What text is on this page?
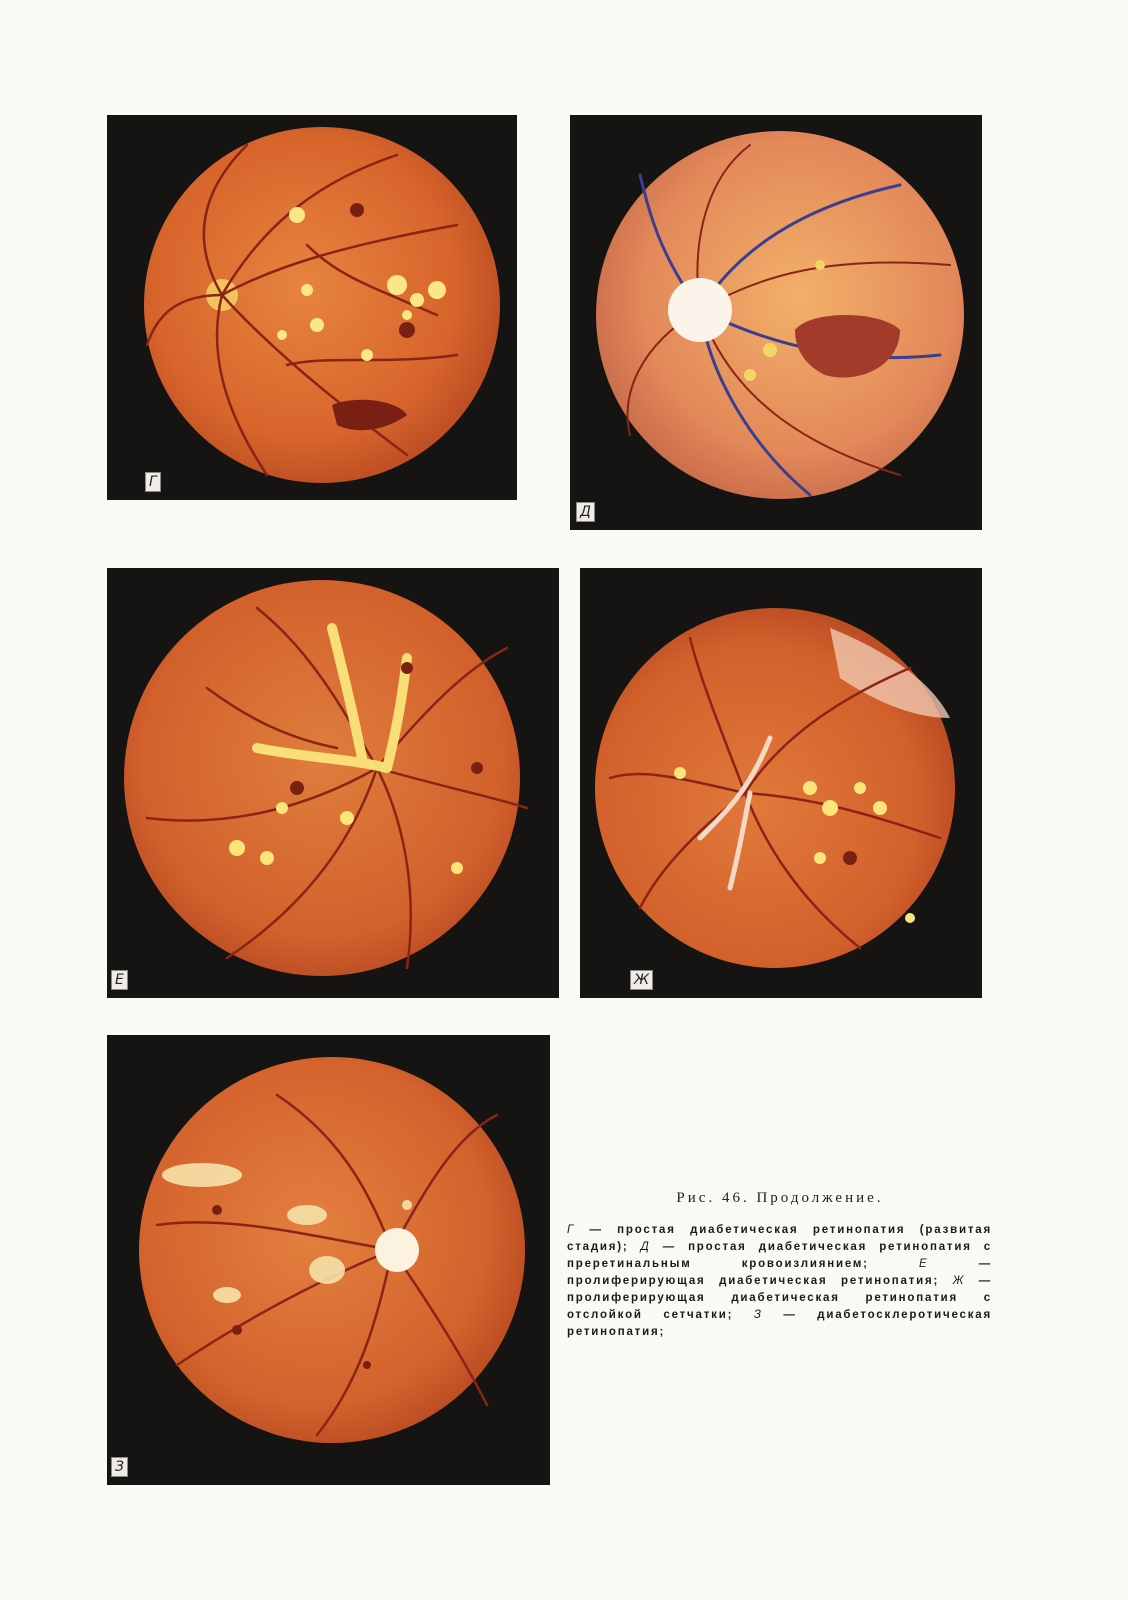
Г
Д
Е	Ж
З
Рис. 46. Продолжение.

Г — простая диабетическая ретинопатия (развитая стадия); Д — простая диабетическая ретинопатия с преретинальным кровоизлиянием; Е — пролиферирующая диабетическая ретинопатия; Ж — пролиферирующая диабетическая ретинопатия с отслойкой сетчатки; З — диабетосклеротическая ретинопатия;
